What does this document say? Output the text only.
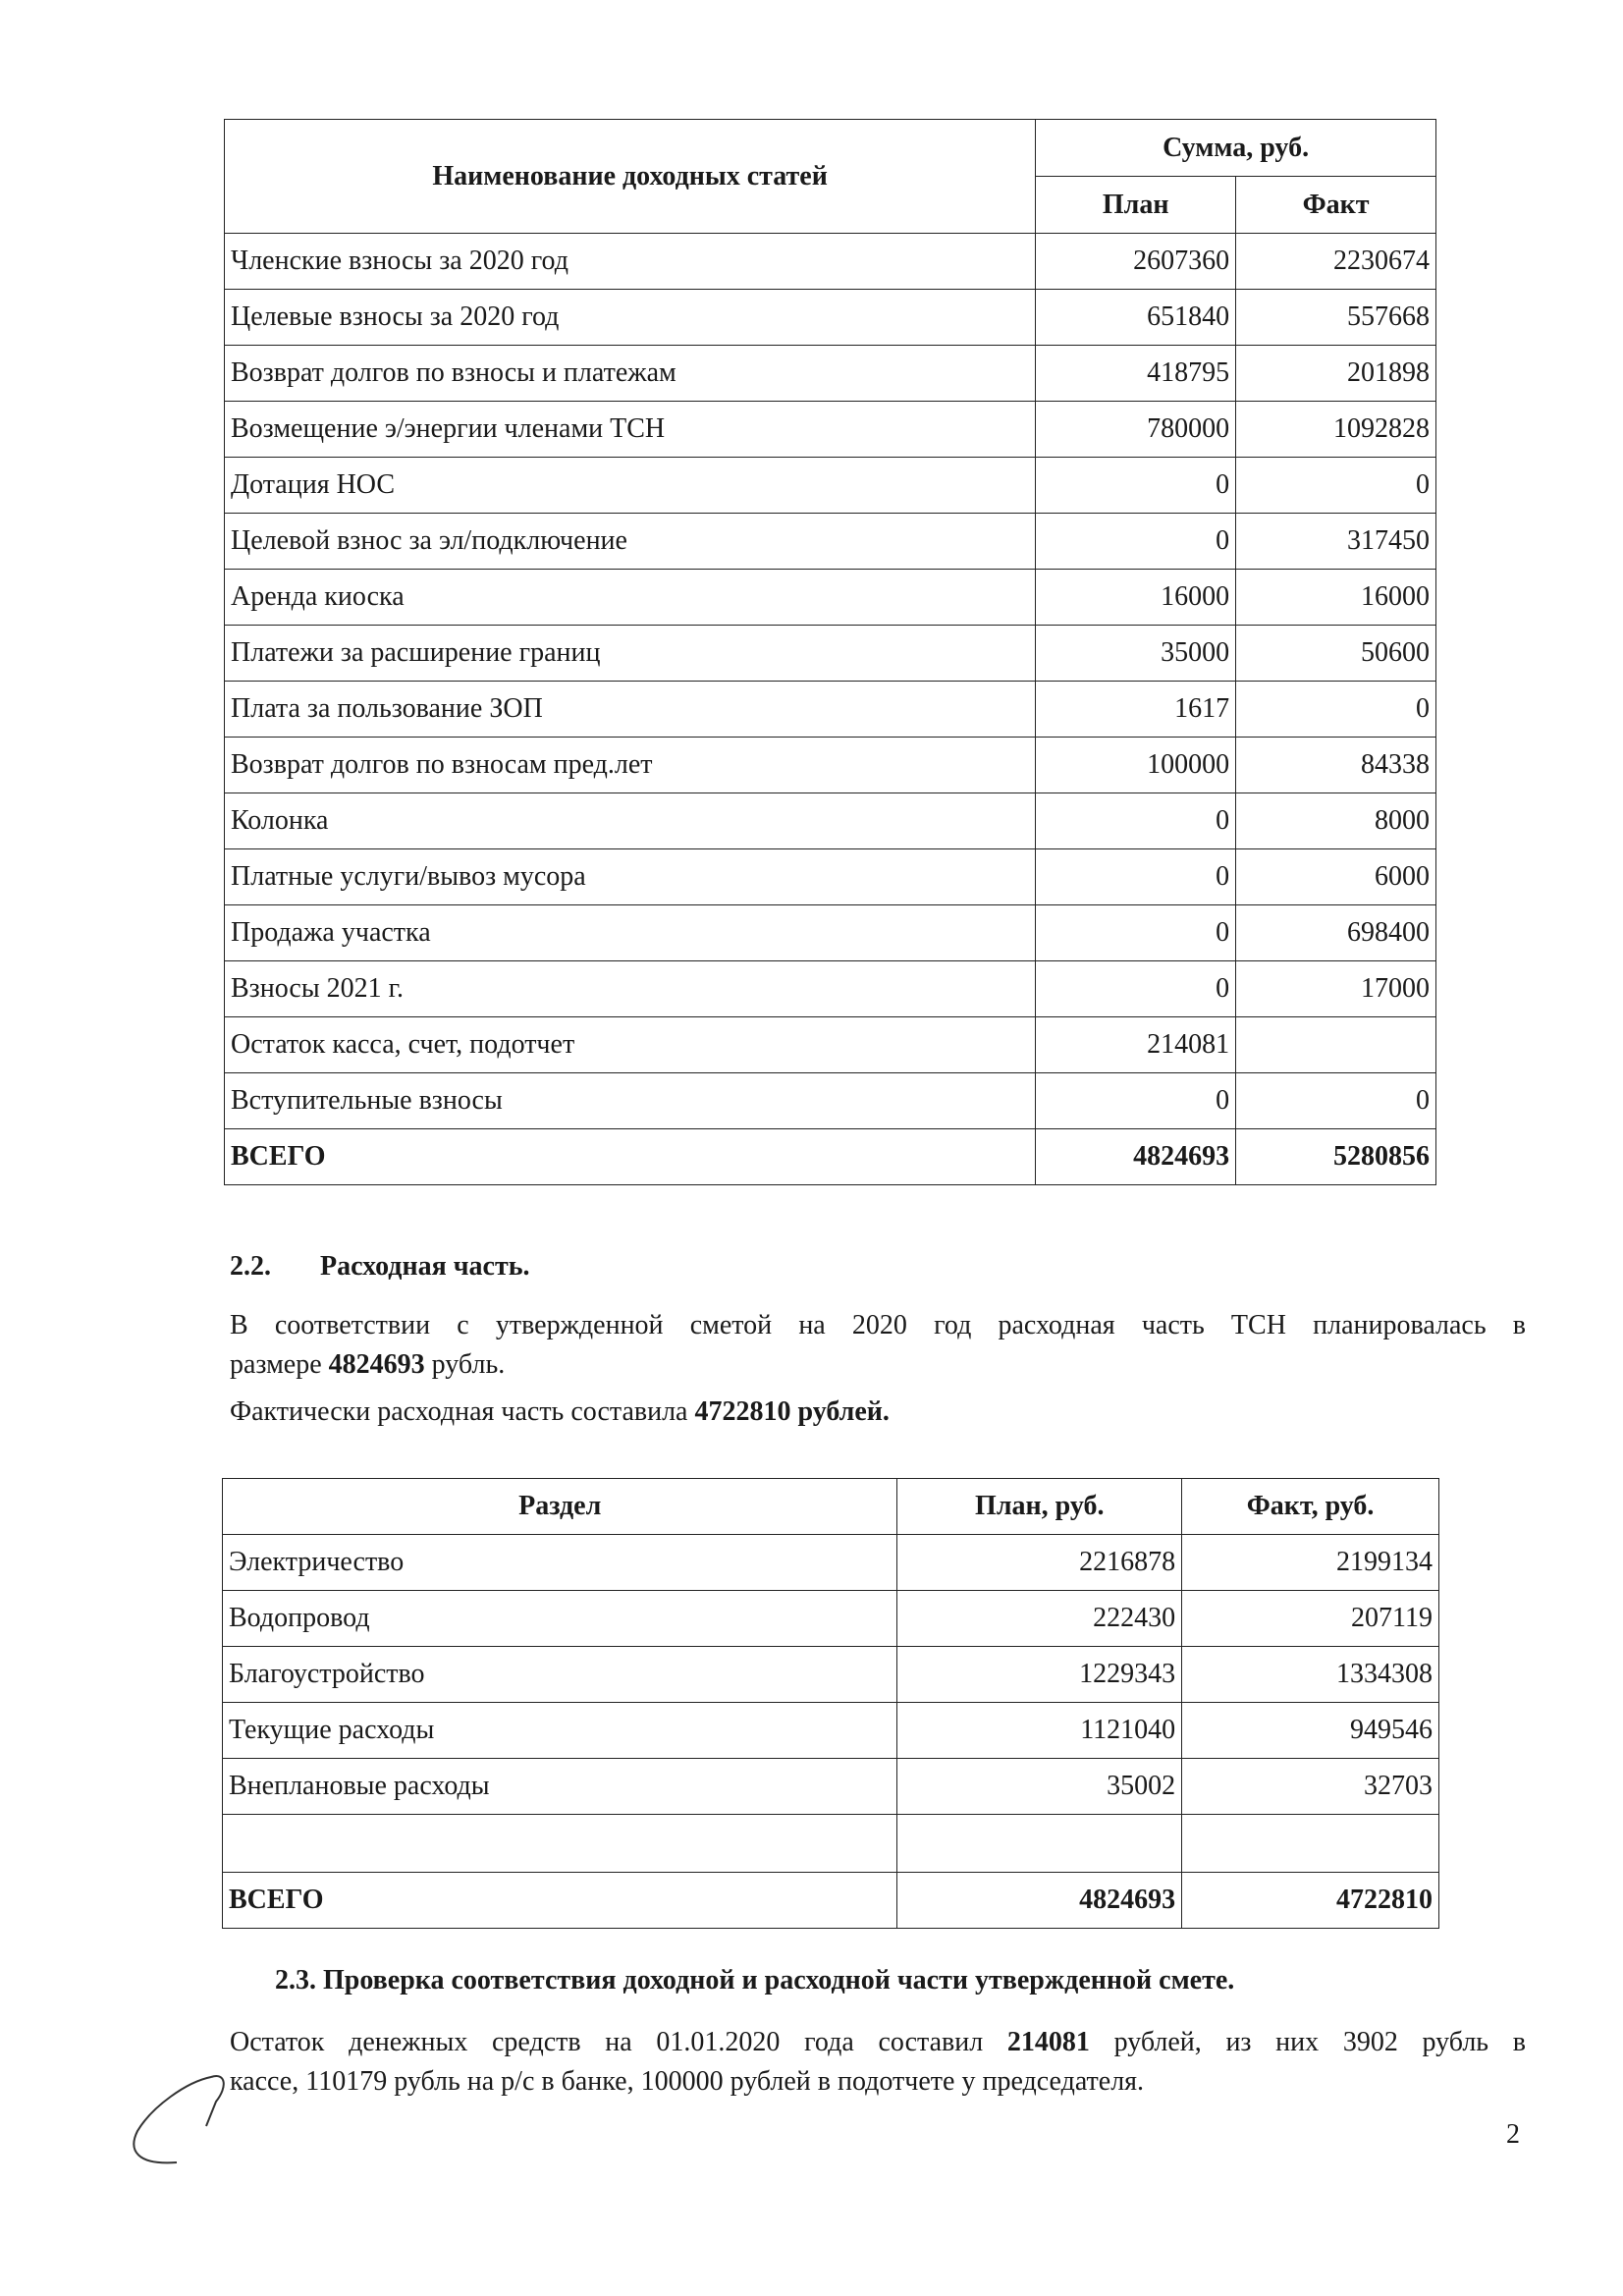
Наименование доходных статей	Сумма, руб.	
	План	Факт
Членские взносы за 2020 год	2607360	2230674
Целевые взносы за 2020 год	651840	557668
Возврат долгов по взносы и платежам	418795	201898
Возмещение э/энергии членами ТСН	780000	1092828
Дотация НОС	0	0
Целевой взнос за эл/подключение	0	317450
Аренда киоска	16000	16000
Платежи за расширение границ	35000	50600
Плата за пользование ЗОП	1617	0
Возврат долгов по взносам пред.лет	100000	84338
Колонка	0	8000
Платные услуги/вывоз мусора	0	6000
Продажа участка	0	698400
Взносы 2021 г.	0	17000
Остаток касса, счет, подотчет	214081	
Вступительные взносы	0	0
ВСЕГО	4824693	5280856
2.2. Расходная часть.
В соответствии с утвержденной сметой на 2020 год расходная часть ТСН планировалась в
размере 4824693 рубль.
Фактически расходная часть составила 4722810 рублей.
Раздел	План, руб.	Факт, руб.
Электричество	2216878	2199134
Водопровод	222430	207119
Благоустройство	1229343	1334308
Текущие расходы	1121040	949546
Внеплановые расходы	35002	32703

ВСЕГО	4824693	4722810
2.3. Проверка соответствия доходной и расходной части утвержденной смете.
Остаток денежных средств на 01.01.2020 года составил 214081 рублей, из них 3902 рубль в
кассе, 110179 рубль на р/с в банке, 100000 рублей в подотчете у председателя.
2
